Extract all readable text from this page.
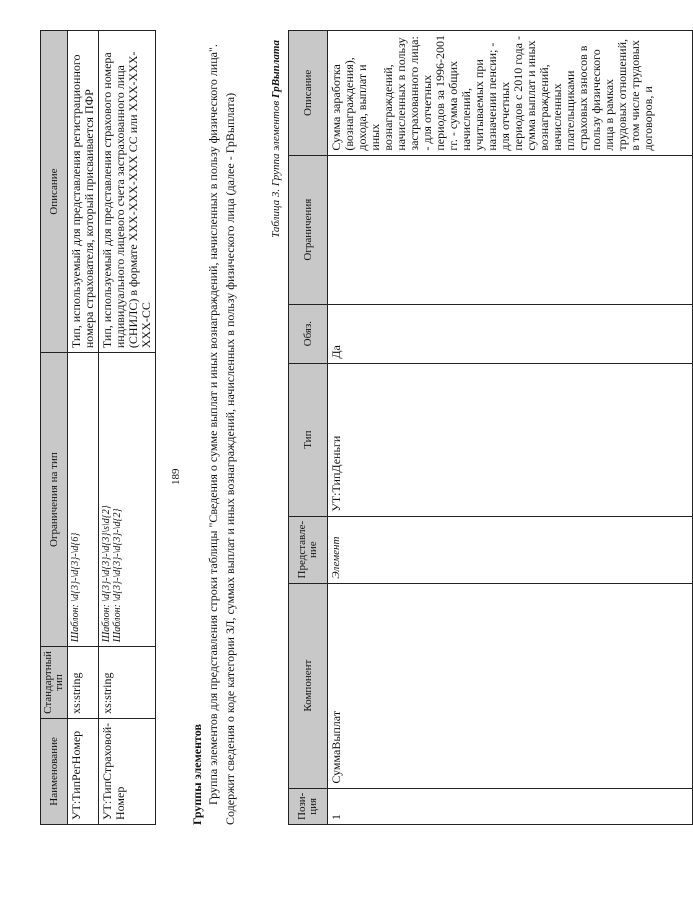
189
Наименование	Стандартный тип	Ограничения на тип	Описание
УТ:ТипРегНомер	xs:string	Шаблон: \d{3}-\d{3}-\d{6}	Тип, используемый для представления регистрационного номера страхователя, который присваивается ПФР
УТ:ТипСтраховой-Номер	xs:string	Шаблон: \d{3}-\d{3}-\d{3}\s\d{2} Шаблон: \d{3}-\d{3}-\d{3}-\d{2}	Тип, используемый для представления страхового номера индивидуального лицевого счета застрахованного лица (СНИЛС) в формате XXX-XXX-XXX CC или XXX-XXX-XXX-CC
Группы элементов Группа элементов для представления строки таблицы "Сведения о сумме выплат и иных вознаграждений, начисленных в пользу физического лица". Содержит сведения о коде категории ЗЛ, суммах выплат и иных вознаграждений, начисленных в пользу физического лица (далее - ГрВыплата)	Таблица 3. Группа элементов ГрВыплата
Пози-ция	Компонент	Представле-ние	Тип	Обяз.	Ограничения	Описание
1	СуммаВыплат	Элемент	УТ:ТипДеньги	Да		Сумма заработка (вознаграждения), дохода, выплат и иных вознаграждений, начисленных в пользу застрахованного лица: - для отчетных периодов за 1996-2001 гг. - сумма общих начислений, учитываемых при назначении пенсии; - для отчетных периодов с 2010 года - сумма выплат и иных вознаграждений, начисленных плательщиками страховых взносов в пользу физического лица в рамках трудовых отношений, в том числе трудовых договоров, и
